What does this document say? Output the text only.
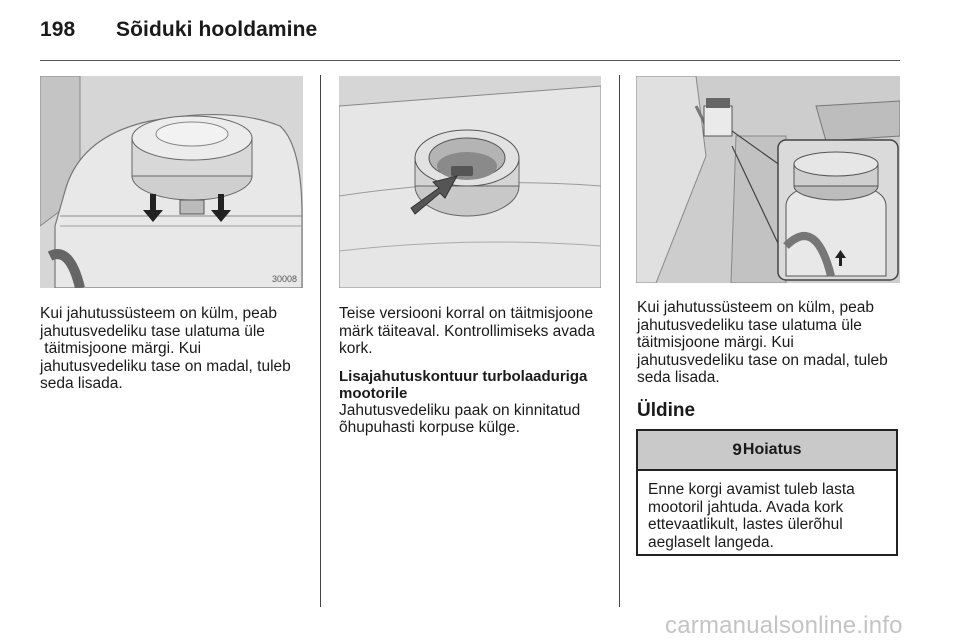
198 Sõiduki hooldamine
30008

Kui jahutussüsteem on külm, peab

jahutusvedeliku tase ulatuma üle

täitmisjoone märgi. Kui

jahutusvedeliku tase on madal, tuleb

seda lisada.

Teise versiooni korral on täitmisjoone

märk täiteaval. Kontrollimiseks avada

kork.

Lisajahutuskontuur turbolaaduriga
mootorile

Jahutusvedeliku paak on kinnitatud

õhupuhasti korpuse külge.

Kui jahutussüsteem on külm, peab

jahutusvedeliku tase ulatuma üle

täitmisjoone märgi. Kui

jahutusvedeliku tase on madal, tuleb

seda lisada.

Üldine
9 Hoiatus
Enne korgi avamist tuleb lasta
mootoril jahtuda. Avada kork
ettevaatlikult, lastes ülerõhul
aeglaselt langeda.
carmanualsonline.info
